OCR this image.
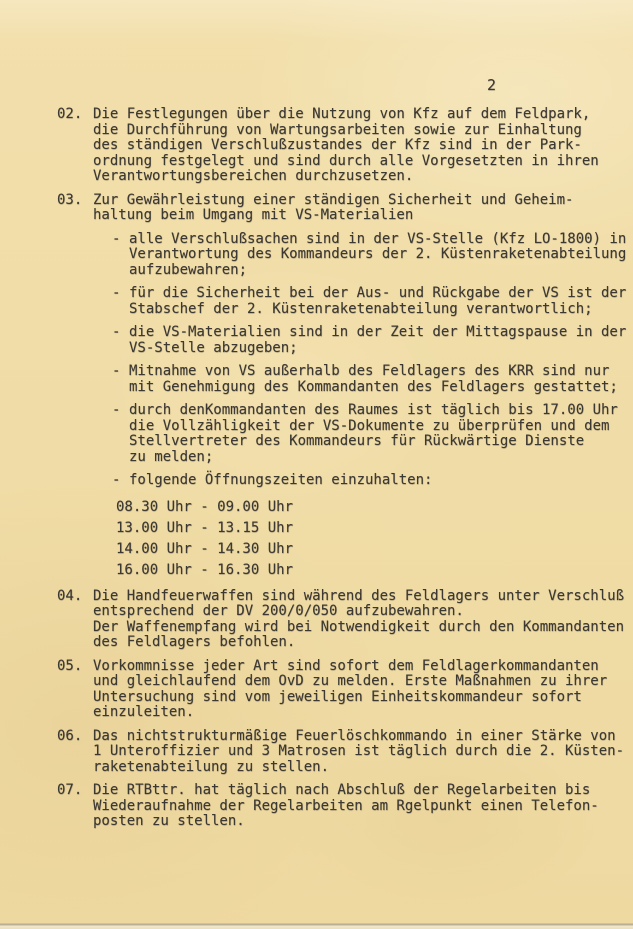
2
02. Die Festlegungen über die Nutzung von Kfz auf dem Feldpark,
die Durchführung von Wartungsarbeiten sowie zur Einhaltung
des ständigen Verschlußzustandes der Kfz sind in der Park-
ordnung festgelegt und sind durch alle Vorgesetzten in ihren
Verantwortungsbereichen durchzusetzen.
03. Zur Gewährleistung einer ständigen Sicherheit und Geheim-
haltung beim Umgang mit VS-Materialien
- alle Verschlußsachen sind in der VS-Stelle (Kfz LO-1800) in
Verantwortung des Kommandeurs der 2. Küstenraketenabteilung
aufzubewahren;
- für die Sicherheit bei der Aus- und Rückgabe der VS ist der
Stabschef der 2. Küstenraketenabteilung verantwortlich;
- die VS-Materialien sind in der Zeit der Mittagspause in der
VS-Stelle abzugeben;
- Mitnahme von VS außerhalb des Feldlagers des KRR sind nur
mit Genehmigung des Kommandanten des Feldlagers gestattet;
- durch denKommandanten des Raumes ist täglich bis 17.00 Uhr
die Vollzähligkeit der VS-Dokumente zu überprüfen und dem
Stellvertreter des Kommandeurs für Rückwärtige Dienste
zu melden;
- folgende Öffnungszeiten einzuhalten:
08.30 Uhr - 09.00 Uhr
13.00 Uhr - 13.15 Uhr
14.00 Uhr - 14.30 Uhr
16.00 Uhr - 16.30 Uhr
04. Die Handfeuerwaffen sind während des Feldlagers unter Verschluß
entsprechend der DV 200/0/050 aufzubewahren.
Der Waffenempfang wird bei Notwendigkeit durch den Kommandanten
des Feldlagers befohlen.
05. Vorkommnisse jeder Art sind sofort dem Feldlagerkommandanten
und gleichlaufend dem OvD zu melden. Erste Maßnahmen zu ihrer
Untersuchung sind vom jeweiligen Einheitskommandeur sofort
einzuleiten.
06. Das nichtstrukturmäßige Feuerlöschkommando in einer Stärke von
1 Unteroffizier und 3 Matrosen ist täglich durch die 2. Küsten-
raketenabteilung zu stellen.
07. Die RTBttr. hat täglich nach Abschluß der Regelarbeiten bis
Wiederaufnahme der Regelarbeiten am Rgelpunkt einen Telefon-
posten zu stellen.
